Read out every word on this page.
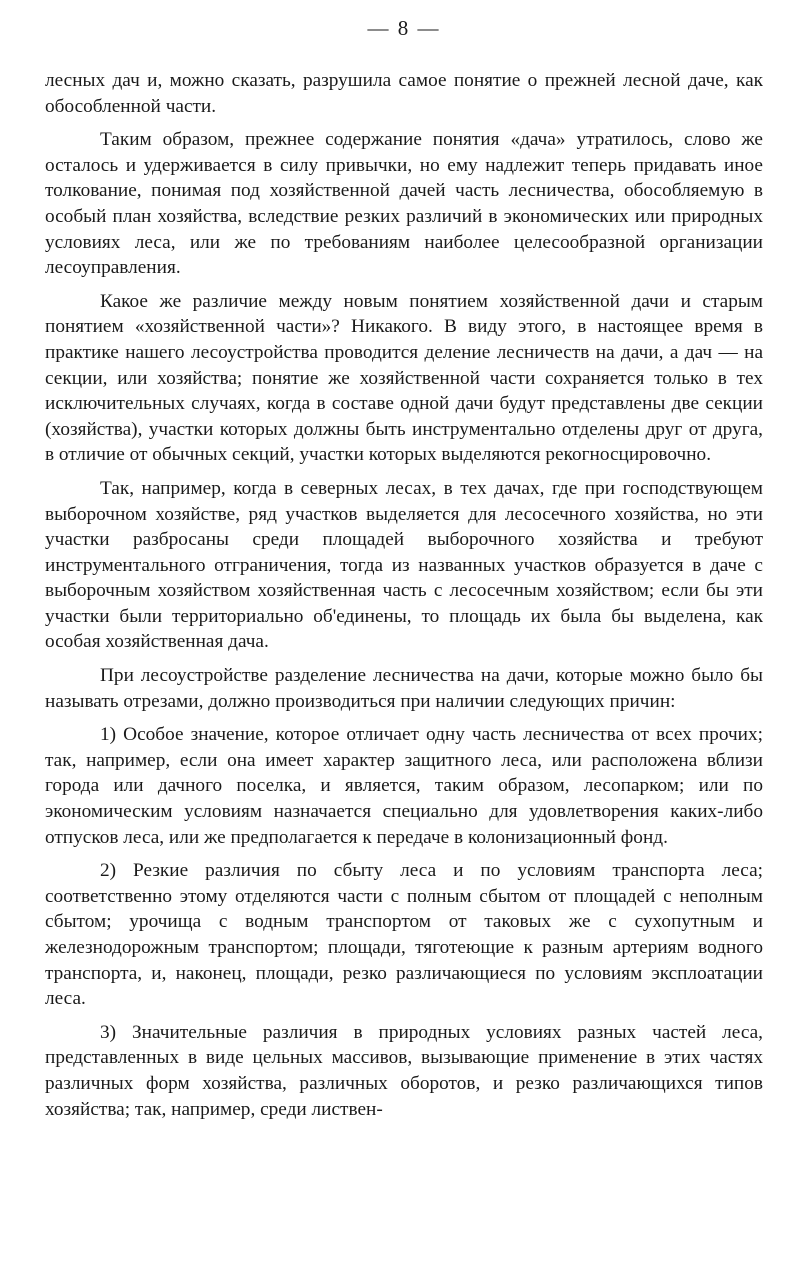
— 8 —

лесных дач и, можно сказать, разрушила самое понятие о прежней лесной даче, как обособленной части.

Таким образом, прежнее содержание понятия «дача» утратилось, слово же осталось и удерживается в силу привычки, но ему надлежит теперь придавать иное толкование, понимая под хозяйственной дачей часть лесничества, обособляемую в особый план хозяйства, вследствие резких различий в экономических или природных условиях леса, или же по требованиям наиболее целесообразной организации лесоуправления.

Какое же различие между новым понятием хозяйственной дачи и старым понятием «хозяйственной части»? Никакого. В виду этого, в настоящее время в практике нашего лесоустройства проводится деление лесничеств на дачи, а дач — на секции, или хозяйства; понятие же хозяйственной части сохраняется только в тех исключительных случаях, когда в составе одной дачи будут представлены две секции (хозяйства), участки которых должны быть инструментально отделены друг от друга, в отличие от обычных секций, участки которых выделяются рекогносцировочно.

Так, например, когда в северных лесах, в тех дачах, где при господствующем выборочном хозяйстве, ряд участков выделяется для лесосечного хозяйства, но эти участки разбросаны среди площадей выборочного хозяйства и требуют инструментального отграничения, тогда из названных участков образуется в даче с выборочным хозяйством хозяйственная часть с лесосечным хозяйством; если бы эти участки были территориально об'единены, то площадь их была бы выделена, как особая хозяйственная дача.

При лесоустройстве разделение лесничества на дачи, которые можно было бы называть отрезами, должно производиться при наличии следующих причин:

1) Особое значение, которое отличает одну часть лесничества от всех прочих; так, например, если она имеет характер защитного леса, или расположена вблизи города или дачного поселка, и является, таким образом, лесопарком; или по экономическим условиям назначается специально для удовлетворения каких-либо отпусков леса, или же предполагается к передаче в колонизационный фонд.

2) Резкие различия по сбыту леса и по условиям транспорта леса; соответственно этому отделяются части с полным сбытом от площадей с неполным сбытом; урочища с водным транспортом от таковых же с сухопутным и железнодорожным транспортом; площади, тяготеющие к разным артериям водного транспорта, и, наконец, площади, резко различающиеся по условиям эксплоатации леса.

3) Значительные различия в природных условиях разных частей леса, представленных в виде цельных массивов, вызывающие применение в этих частях различных форм хозяйства, различных оборотов, и резко различающихся типов хозяйства; так, например, среди листвен-
